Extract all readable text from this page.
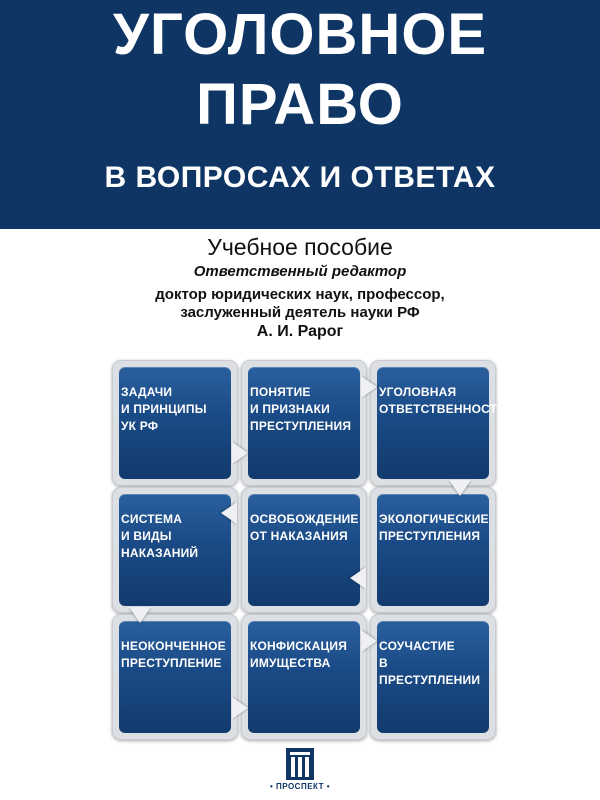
УГОЛОВНОЕ
ПРАВО
В ВОПРОСАХ И ОТВЕТАХ
Учебное пособие
Ответственный редактор
доктор юридических наук, профессор,
заслуженный деятель науки РФ
А. И. Рарог
ЗАДАЧИ
И ПРИНЦИПЫ
УК РФ
ПОНЯТИЕ
И ПРИЗНАКИ
ПРЕСТУПЛЕНИЯ
УГОЛОВНАЯ
ОТВЕТСТВЕННОСТЬ
СИСТЕМА
И ВИДЫ
НАКАЗАНИЙ
ОСВОБОЖДЕНИЕ
ОТ НАКАЗАНИЯ
ЭКОЛОГИЧЕСКИЕ
ПРЕСТУПЛЕНИЯ
НЕОКОНЧЕННОЕ
ПРЕСТУПЛЕНИЕ
КОНФИСКАЦИЯ
ИМУЩЕСТВА
СОУЧАСТИЕ
В ПРЕСТУПЛЕНИИ
• ПРОСПЕКТ •
